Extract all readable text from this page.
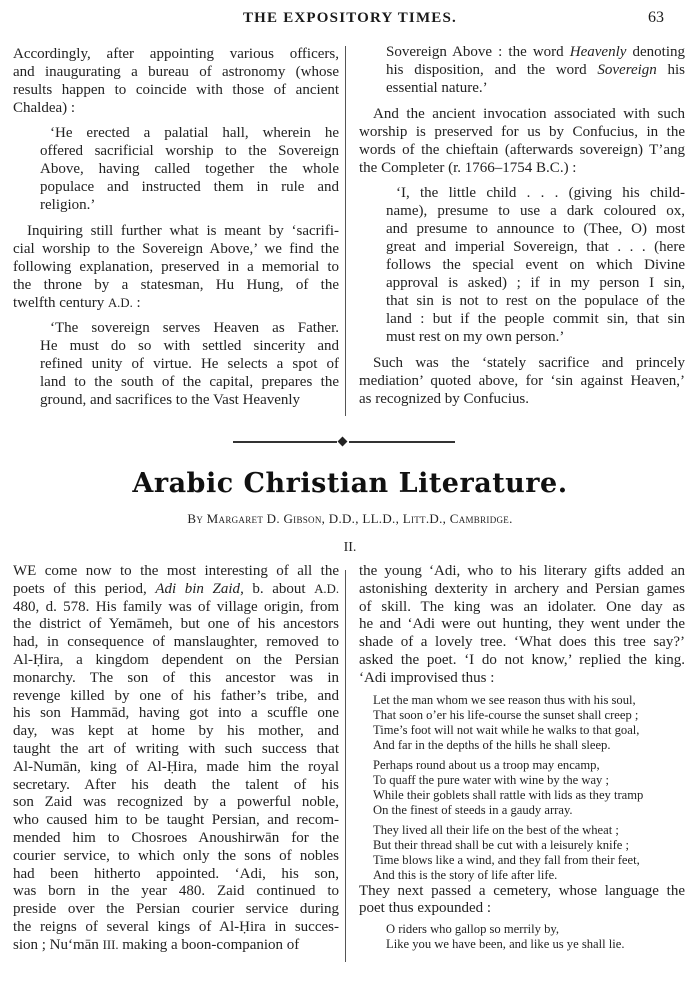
THE EXPOSITORY TIMES.	63
Accordingly, after appointing various officers,
and inaugurating a bureau of astronomy (whose
results happen to coincide with those of ancient
Chaldea) :
‘He erected a palatial hall, wherein he
offered sacrificial worship to the Sovereign
Above, having called together the whole
populace and instructed them in rule and
religion.’
Inquiring still further what is meant by ‘sacrifi-
cial worship to the Sovereign Above,’ we find the
following explanation, preserved in a memorial to
the throne by a statesman, Hu Hung, of the
twelfth century A.D. :
‘The sovereign serves Heaven as Father.
He must do so with settled sincerity and
refined unity of virtue. He selects a spot of
land to the south of the capital, prepares the
ground, and sacrifices to the Vast Heavenly
Sovereign Above : the word Heavenly denoting
his disposition, and the word Sovereign his
essential nature.’
And the ancient invocation associated with such
worship is preserved for us by Confucius, in the
words of the chieftain (afterwards sovereign) T’ang
the Completer (r. 1766–1754 B.C.) :
‘I, the little child . . . (giving his child-
name), presume to use a dark coloured ox,
and presume to announce to (Thee, O) most
great and imperial Sovereign, that . . . (here
follows the special event on which Divine
approval is asked) ; if in my person I sin,
that sin is not to rest on the populace of the
land : but if the people commit sin, that sin
must rest on my own person.’
Such was the ‘stately sacrifice and princely
mediation’ quoted above, for ‘sin against Heaven,’
as recognized by Confucius.
Arabic Christian Literature.
By Margaret D. Gibson, D.D., LL.D., Litt.D., Cambridge.
II.
WE come now to the most interesting of all the
poets of this period, Adi bin Zaid, b. about A.D.
480, d. 578. His family was of village origin, from
the district of Yemāmeh, but one of his ancestors
had, in consequence of manslaughter, removed to
Al-Ḥira, a kingdom dependent on the Persian
monarchy. The son of this ancestor was in
revenge killed by one of his father’s tribe, and
his son Hammād, having got into a scuffle one
day, was kept at home by his mother, and
taught the art of writing with such success that
Al-Numān, king of Al-Ḥira, made him the royal
secretary. After his death the talent of his
son Zaid was recognized by a powerful noble,
who caused him to be taught Persian, and recom-
mended him to Chosroes Anoushirwān for the
courier service, to which only the sons of nobles
had been hitherto appointed. ‘Adi, his son,
was born in the year 480. Zaid continued to
preside over the Persian courier service during
the reigns of several kings of Al-Ḥira in succes-
sion ; Nu‘mān III. making a boon-companion of
the young ‘Adi, who to his literary gifts added an
astonishing dexterity in archery and Persian games
of skill. The king was an idolater. One day as
he and ‘Adi were out hunting, they went under the
shade of a lovely tree. ‘What does this tree say?’
asked the poet. ‘I do not know,’ replied the king.
‘Adi improvised thus :
Let the man whom we see reason thus with his soul,
That soon o’er his life-course the sunset shall creep ;
Time’s foot will not wait while he walks to that goal,
And far in the depths of the hills he shall sleep.
Perhaps round about us a troop may encamp,
To quaff the pure water with wine by the way ;
While their goblets shall rattle with lids as they tramp
On the finest of steeds in a gaudy array.
They lived all their life on the best of the wheat ;
But their thread shall be cut with a leisurely knife ;
Time blows like a wind, and they fall from their feet,
And this is the story of life after life.
They next passed a cemetery, whose language the
poet thus expounded :
O riders who gallop so merrily by,
Like you we have been, and like us ye shall lie.
